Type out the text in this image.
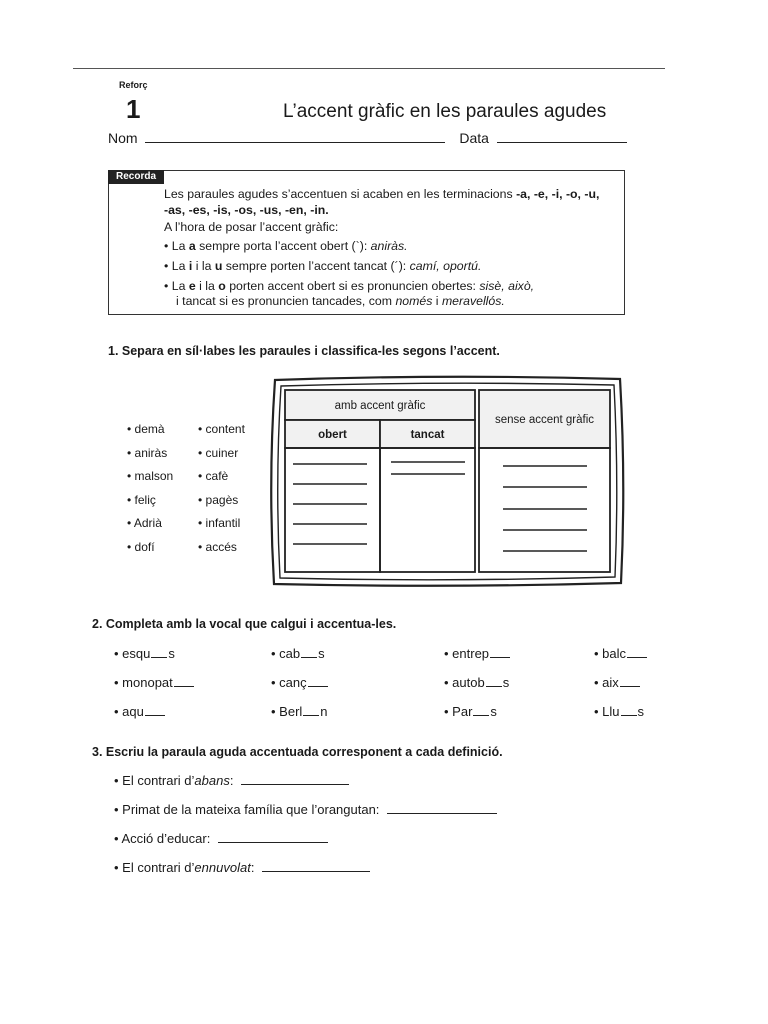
Reforç
1	L’accent gràfic en les paraules agudes
Nom	Data
Recorda
Les paraules agudes s’accentuen si acaben en les terminacions -a, -e, -i, -o, -u,
-as, -es, -is, -os, -us, -en, -in.
A l’hora de posar l’accent gràfic:
• La a sempre porta l’accent obert (`): aniràs.
• La i i la u sempre porten l’accent tancat (´): camí, oportú.
• La e i la o porten accent obert si es pronuncien obertes: sisè, això,
i tancat si es pronuncien tancades, com només i meravellós.
1. Separa en síl·labes les paraules i classifica-les segons l’accent.
• demà
• aniràs
• malson
• feliç
• Adrià
• dofí
• content
• cuiner
• cafè
• pagès
• infantil
• accés
amb accent gràfic
obert	tancat
sense accent gràfic
2. Completa amb la vocal que calgui i accentua-les.
• esqu s	• cab s	• entrep	• balc
• monopat	• canç	• autob s	• aix
• aqu	• Berl n	• Par s	• Llu s
3. Escriu la paraula aguda accentuada corresponent a cada definició.
• El contrari d’abans:
• Primat de la mateixa família que l’orangutan:
• Acció d’educar:
• El contrari d’ennuvolat:
